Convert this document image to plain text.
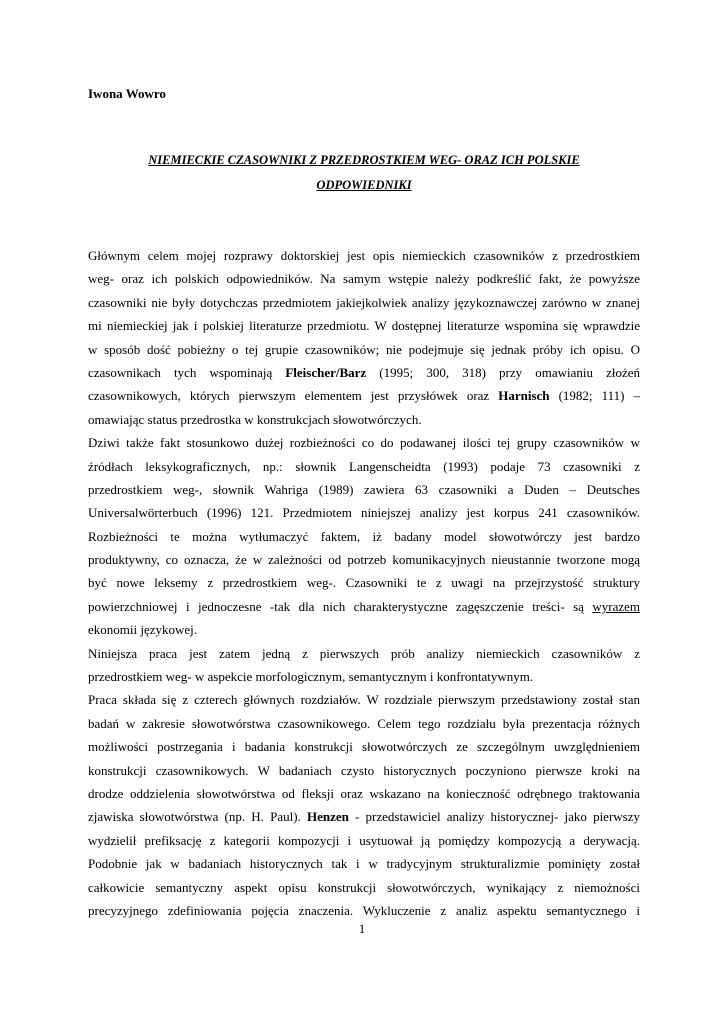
Iwona Wowro
NIEMIECKIE CZASOWNIKI Z PRZEDROSTKIEM WEG- ORAZ ICH POLSKIE
ODPOWIEDNIKI
Głównym celem mojej rozprawy doktorskiej jest opis niemieckich czasowników z przedrostkiem
weg- oraz ich polskich odpowiedników. Na samym wstępie należy podkreślić fakt, że powyższe
czasowniki nie były dotychczas przedmiotem jakiejkolwiek analizy językoznawczej zarówno w znanej
mi niemieckiej jak i polskiej literaturze przedmiotu. W dostępnej literaturze wspomina się wprawdzie
w sposób dość pobieżny o tej grupie czasowników; nie podejmuje się jednak próby ich opisu. O
czasownikach tych wspominają Fleischer/Barz (1995; 300, 318) przy omawianiu złożeń
czasownikowych, których pierwszym elementem jest przysłówek oraz Harnisch (1982; 111) –
omawiając status przedrostka w konstrukcjach słowotwórczych.
Dziwi także fakt stosunkowo dużej rozbieżności co do podawanej ilości tej grupy czasowników w
źródłach leksykograficznych, np.: słownik Langenscheidta (1993) podaje 73 czasowniki z
przedrostkiem weg-, słownik Wahriga (1989) zawiera 63 czasowniki a Duden – Deutsches
Universalwörterbuch (1996) 121. Przedmiotem niniejszej analizy jest korpus 241 czasowników.
Rozbieżności te można wytłumaczyć faktem, iż badany model słowotwórczy jest bardzo
produktywny, co oznacza, że w zależności od potrzeb komunikacyjnych nieustannie tworzone mogą
być nowe leksemy z przedrostkiem weg-. Czasowniki te z uwagi na przejrzystość struktury
powierzchniowej i jednoczesne -tak dla nich charakterystyczne zagęszczenie treści- są wyrazem
ekonomii językowej.
Niniejsza praca jest zatem jedną z pierwszych prób analizy niemieckich czasowników z
przedrostkiem weg- w aspekcie morfologicznym, semantycznym i konfrontatywnym.
Praca składa się z czterech głównych rozdziałów. W rozdziale pierwszym przedstawiony został stan
badań w zakresie słowotwórstwa czasownikowego. Celem tego rozdziału była prezentacja różnych
możliwości postrzegania i badania konstrukcji słowotwórczych ze szczególnym uwzględnieniem
konstrukcji czasownikowych. W badaniach czysto historycznych poczyniono pierwsze kroki na
drodze oddzielenia słowotwórstwa od fleksji oraz wskazano na konieczność odrębnego traktowania
zjawiska słowotwórstwa (np. H. Paul). Henzen - przedstawiciel analizy historycznej- jako pierwszy
wydzielił prefiksację z kategorii kompozycji i usytuował ją pomiędzy kompozycją a derywacją.
Podobnie jak w badaniach historycznych tak i w tradycyjnym strukturalizmie pominięty został
całkowicie semantyczny aspekt opisu konstrukcji słowotwórczych, wynikający z niemożności
precyzyjnego zdefiniowania pojęcia znaczenia. Wykluczenie z analiz aspektu semantycznego i
1
